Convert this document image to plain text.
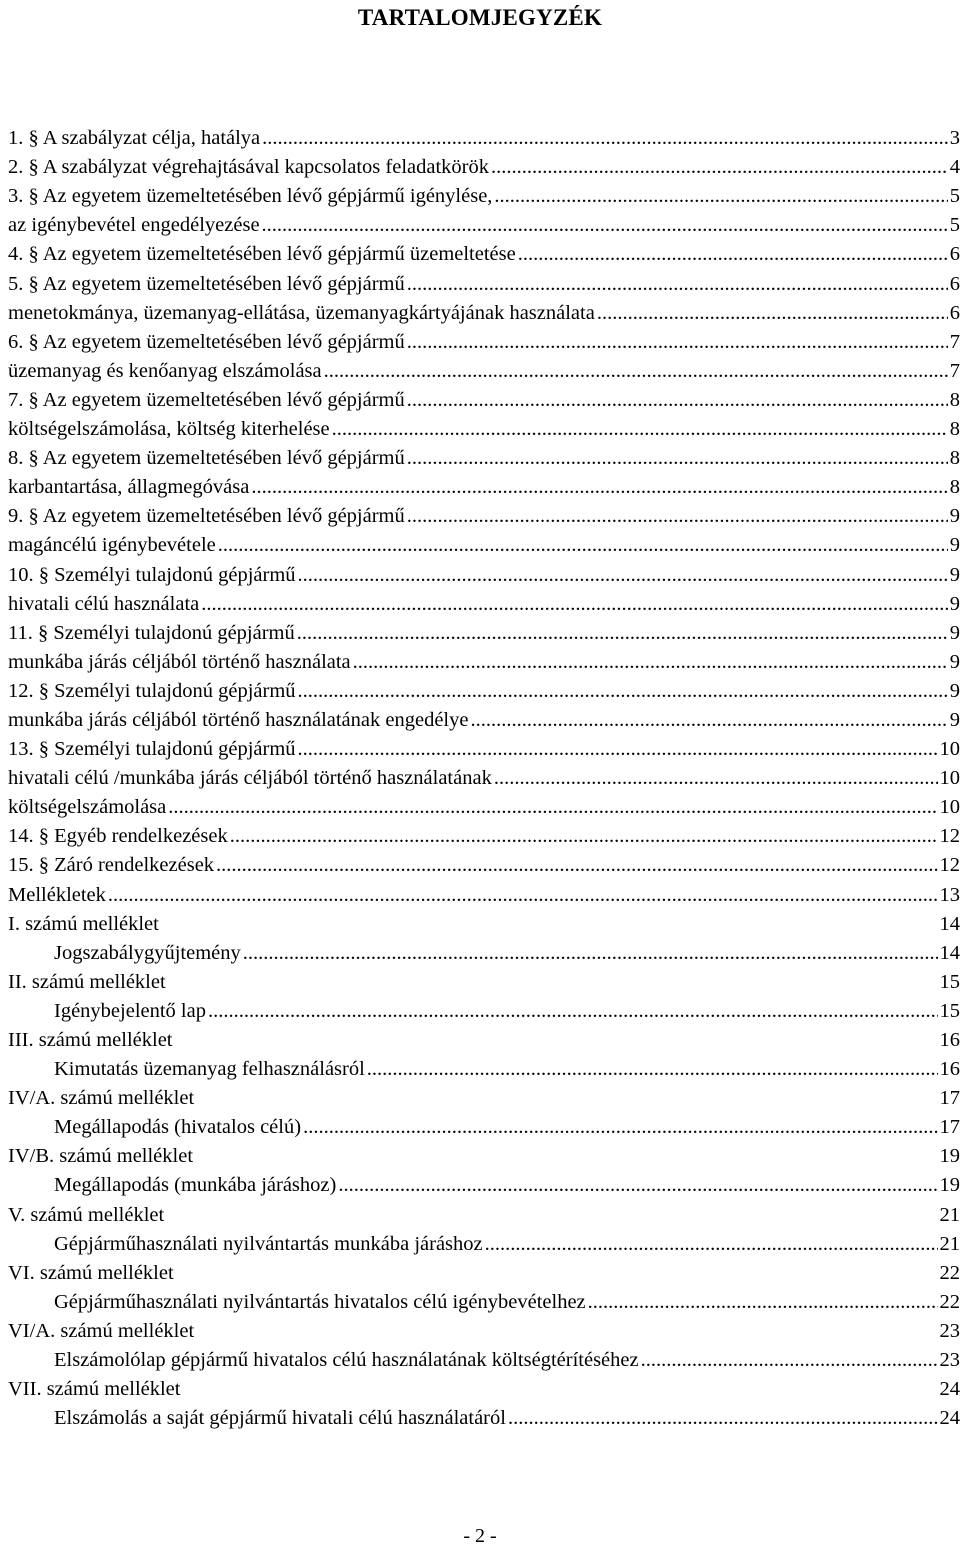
TARTALOMJEGYZÉK
1. § A szabályzat célja, hatálya .....	3
2. § A szabályzat végrehajtásával kapcsolatos feladatkörök .....	4
3. § Az egyetem üzemeltetésében lévő gépjármű igénylése, .....	5
az igénybevétel engedélyezése .....	5
4. § Az egyetem üzemeltetésében lévő gépjármű üzemeltetése .....	6
5. § Az egyetem üzemeltetésében lévő gépjármű .....	6
menetokmánya, üzemanyag-ellátása, üzemanyagkártyájának használata .....	6
6. § Az egyetem üzemeltetésében lévő gépjármű .....	7
üzemanyag és kenőanyag elszámolása .....	7
7. § Az egyetem üzemeltetésében lévő gépjármű .....	8
költségelszámolása, költség kiterhelése .....	8
8. § Az egyetem üzemeltetésében lévő gépjármű .....	8
karbantartása, állagmegóvása .....	8
9. § Az egyetem üzemeltetésében lévő gépjármű .....	9
magáncélú igénybevétele .....	9
10. § Személyi tulajdonú gépjármű .....	9
hivatali célú használata .....	9
11. § Személyi tulajdonú gépjármű .....	9
munkába járás céljából történő használata .....	9
12. § Személyi tulajdonú gépjármű .....	9
munkába járás céljából történő használatának engedélye .....	9
13. § Személyi tulajdonú gépjármű .....	10
hivatali célú /munkába járás céljából történő használatának .....	10
költségelszámolása .....	10
14. § Egyéb rendelkezések .....	12
15. § Záró rendelkezések .....	12
Mellékletek .....	13
I. számú melléklet	14
Jogszabálygyűjtemény .....	14
II. számú melléklet	15
Igénybejelentő lap .....	15
III. számú melléklet	16
Kimutatás üzemanyag felhasználásról .....	16
IV/A. számú melléklet	17
Megállapodás (hivatalos célú) .....	17
IV/B. számú melléklet	19
Megállapodás (munkába járáshoz) .....	19
V. számú melléklet	21
Gépjárműhasználati nyilvántartás munkába járáshoz .....	21
VI. számú melléklet	22
Gépjárműhasználati nyilvántartás hivatalos célú igénybevételhez .....	22
VI/A. számú melléklet	23
Elszámolólap gépjármű hivatalos célú használatának költségtérítéséhez .....	23
VII. számú melléklet	24
Elszámolás a saját gépjármű hivatali célú használatáról .....	24
- 2 -
